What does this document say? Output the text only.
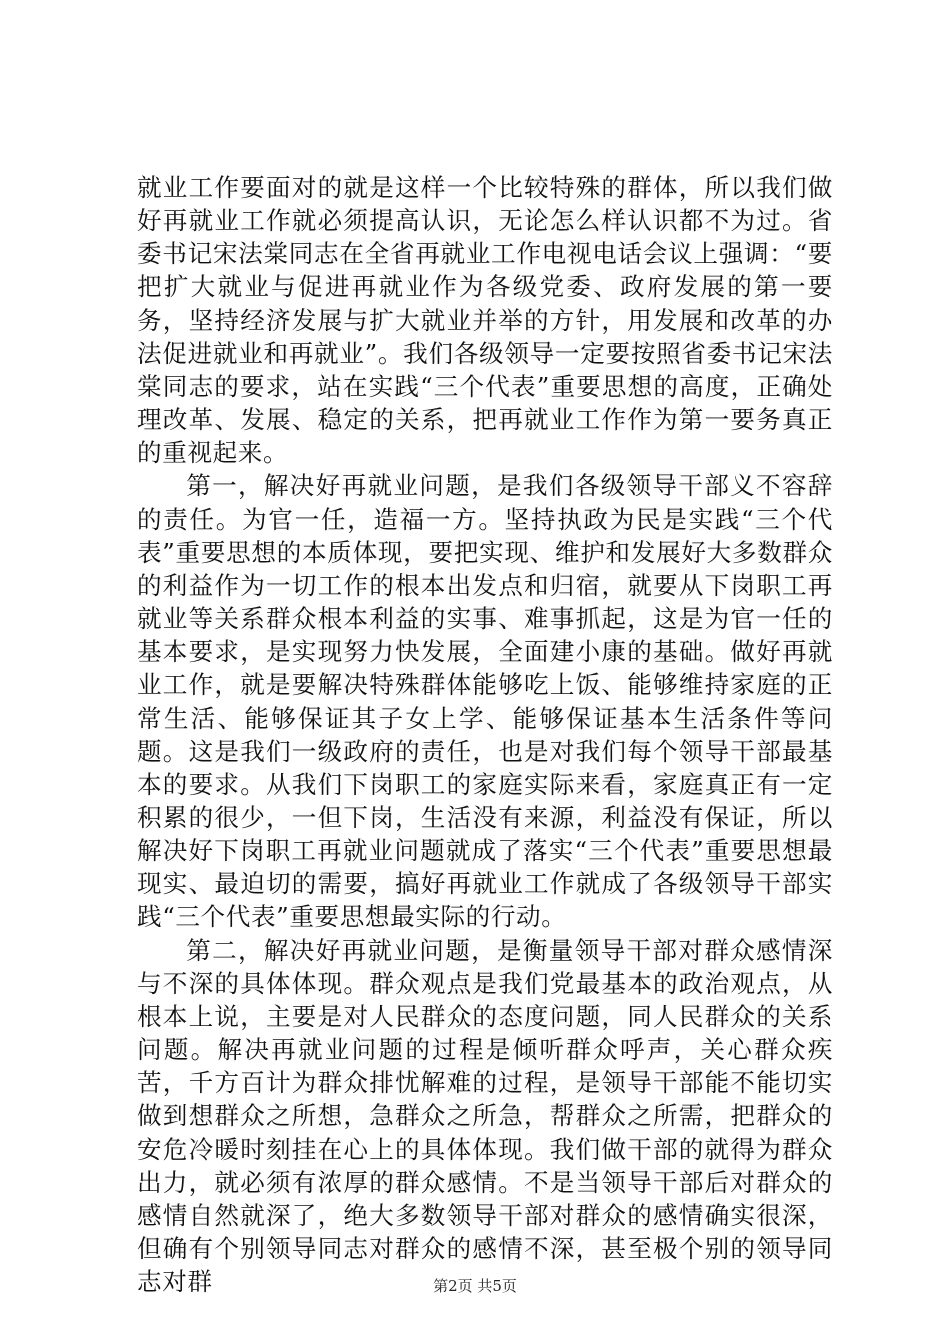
就业工作要面对的就是这样一个比较特殊的群体，所以我们做好再就业工作就必须提高认识，无论怎么样认识都不为过。省委书记宋法棠同志在全省再就业工作电视电话会议上强调：“要把扩大就业与促进再就业作为各级党委、政府发展的第一要务，坚持经济发展与扩大就业并举的方针，用发展和改革的办法促进就业和再就业”。我们各级领导一定要按照省委书记宋法棠同志的要求，站在实践“三个代表”重要思想的高度，正确处理改革、发展、稳定的关系，把再就业工作作为第一要务真正的重视起来。

第一，解决好再就业问题，是我们各级领导干部义不容辞的责任。为官一任，造福一方。坚持执政为民是实践“三个代表”重要思想的本质体现，要把实现、维护和发展好大多数群众的利益作为一切工作的根本出发点和归宿，就要从下岗职工再就业等关系群众根本利益的实事、难事抓起，这是为官一任的基本要求，是实现努力快发展，全面建小康的基础。做好再就业工作，就是要解决特殊群体能够吃上饭、能够维持家庭的正常生活、能够保证其子女上学、能够保证基本生活条件等问题。这是我们一级政府的责任，也是对我们每个领导干部最基本的要求。从我们下岗职工的家庭实际来看，家庭真正有一定积累的很少，一但下岗，生活没有来源，利益没有保证，所以解决好下岗职工再就业问题就成了落实“三个代表”重要思想最现实、最迫切的需要，搞好再就业工作就成了各级领导干部实践“三个代表”重要思想最实际的行动。

第二，解决好再就业问题，是衡量领导干部对群众感情深与不深的具体体现。群众观点是我们党最基本的政治观点，从根本上说，主要是对人民群众的态度问题，同人民群众的关系问题。解决再就业问题的过程是倾听群众呼声，关心群众疾苦，千方百计为群众排忧解难的过程，是领导干部能不能切实做到想群众之所想，急群众之所急，帮群众之所需，把群众的安危冷暖时刻挂在心上的具体体现。我们做干部的就得为群众出力，就必须有浓厚的群众感情。不是当领导干部后对群众的感情自然就深了，绝大多数领导干部对群众的感情确实很深，但确有个别领导同志对群众的感情不深，甚至极个别的领导同志对群	第2页 共5页
